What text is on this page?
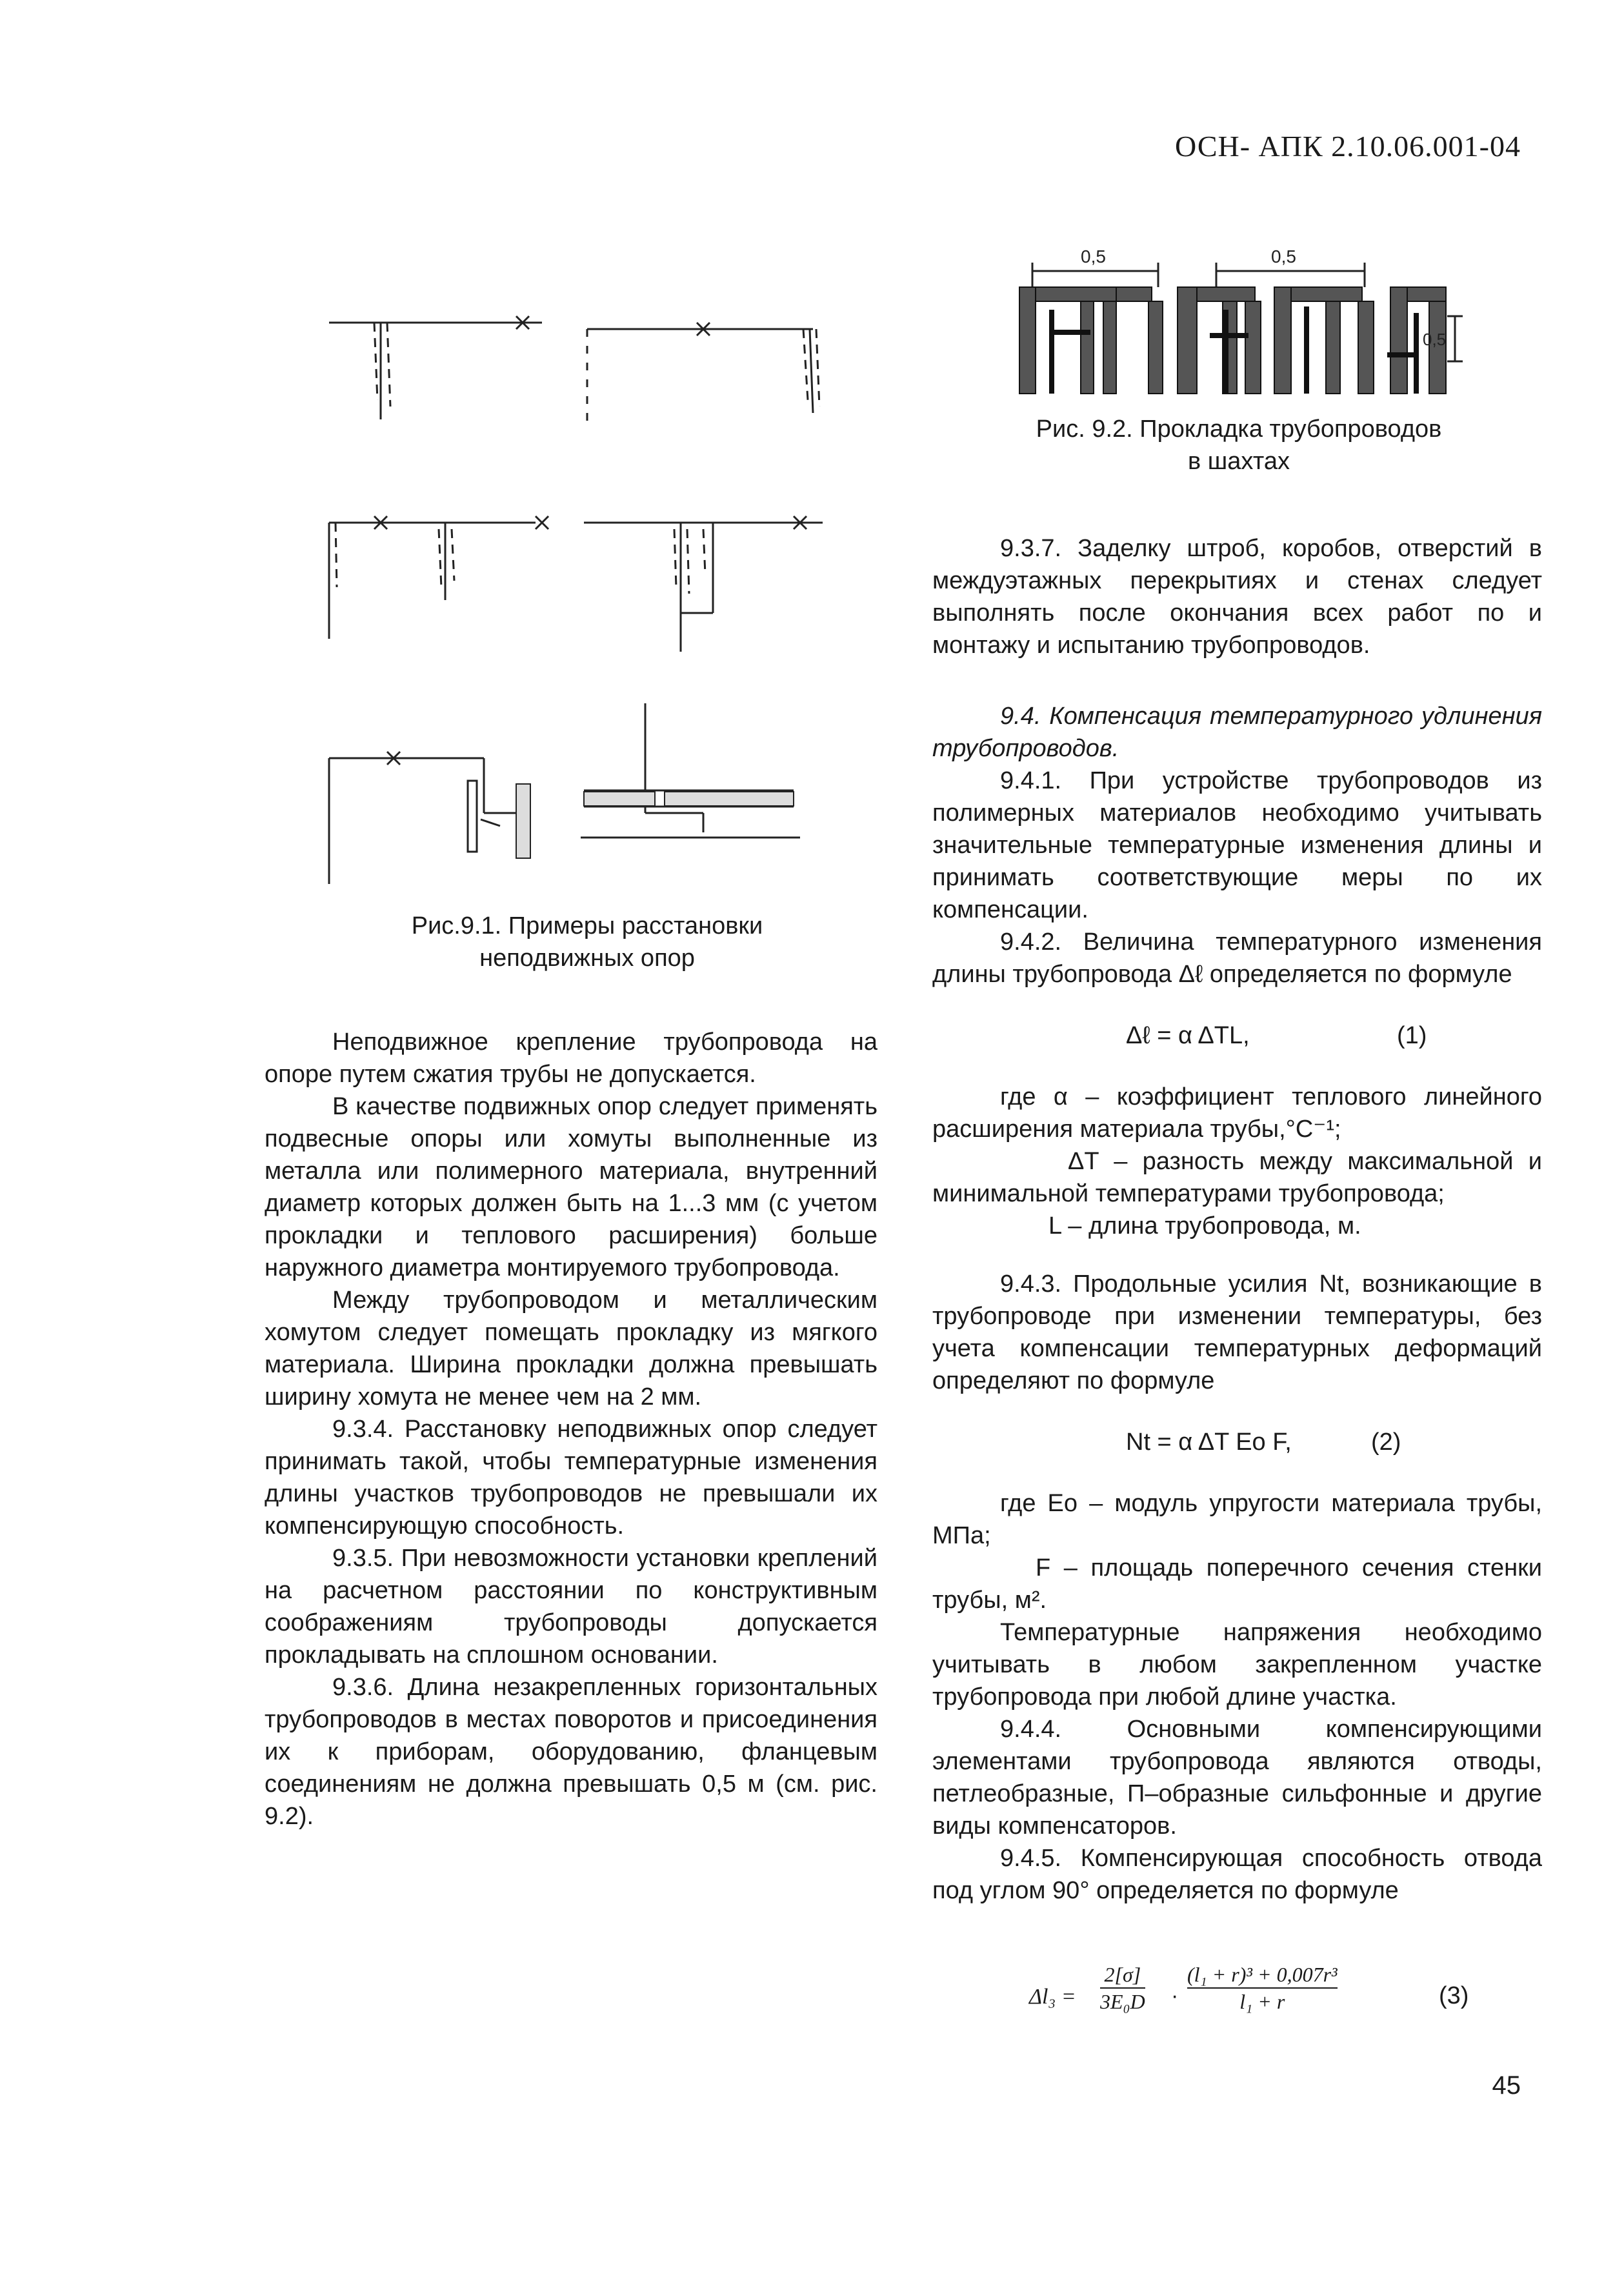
ОСН- АПК 2.10.06.001-04
0,5	0,5
0,5
Рис. 9.2. Прокладка трубопроводов
в шахтах
Рис.9.1. Примеры расстановки
неподвижных опор

Неподвижное крепление трубопровода на опоре путем сжатия трубы не допускается.

В качестве подвижных опор следует применять подвесные опоры или хомуты выполненные из металла или полимерного материала, внутренний диаметр которых должен быть на 1...3 мм (с учетом прокладки и теплового расширения) больше наружного диаметра монтируемого трубопровода.

Между трубопроводом и металлическим хомутом следует помещать прокладку из мягкого материала. Ширина прокладки должна превышать ширину хомута не менее чем на 2 мм.

9.3.4. Расстановку неподвижных опор следует принимать такой, чтобы температурные изменения длины участков трубопроводов не превышали их компенсирующую способность.

9.3.5. При невозможности установки креплений на расчетном расстоянии по конструктивным соображениям трубопроводы допускается прокладывать на сплошном основании.

9.3.6. Длина незакрепленных горизонтальных трубопроводов в местах поворотов и присоединения их к приборам, оборудованию, фланцевым соединениям не должна превышать 0,5 м (см. рис. 9.2).

9.3.7. Заделку штроб, коробов, отверстий в междуэтажных перекрытиях и стенах следует выполнять после окончания всех работ по и монтажу и испытанию трубопроводов.

9.4. Компенсация температурного удлинения трубопроводов.

9.4.1. При устройстве трубопроводов из полимерных материалов необходимо учитывать значительные температурные изменения длины и принимать соответствующие меры по их компенсации.

9.4.2. Величина температурного изменения длины трубопровода Δℓ определяется по формуле

Δℓ = α ΔTL,	(1)

где α – коэффициент теплового линейного расширения материала трубы,°С⁻¹;

ΔT – разность между максимальной и минимальной температурами трубопровода;

L – длина трубопровода, м.

9.4.3. Продольные усилия Nt, возникающие в трубопроводе при изменении температуры, без учета компенсации температурных деформаций определяют по формуле

Nt = α ΔT Eo F,	(2)

где Eo – модуль упругости материала трубы, МПа;

F – площадь поперечного сечения стенки трубы, м².

Температурные напряжения необходимо учитывать в любом закрепленном участке трубопровода при любой длине участка.

9.4.4. Основными компенсирующими элементами трубопровода являются отводы, петлеобразные, П–образные сильфонные и другие виды компенсаторов.

9.4.5. Компенсирующая способность отвода под углом 90° определяется по формуле

Δl₃ =
2[σ]
3E₀D ·
(l₁ + r)³ + 0,007r³
l₁ + r	(3)
45
